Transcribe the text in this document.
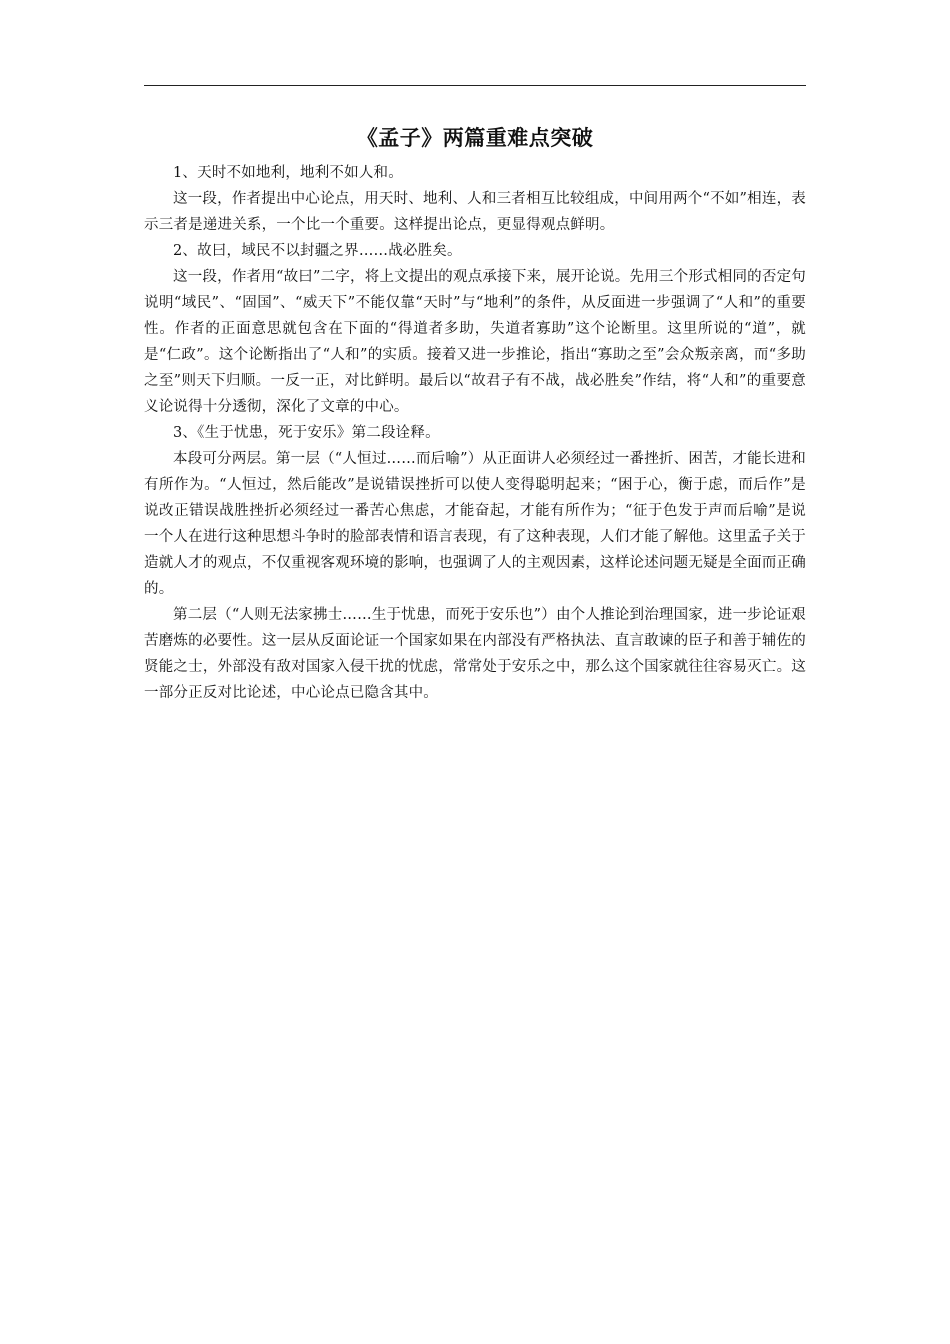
《孟子》两篇重难点突破

1、天时不如地利，地利不如人和。

这一段，作者提出中心论点，用天时、地利、人和三者相互比较组成，中间用两个“不如”相连，表示三者是递进关系，一个比一个重要。这样提出论点，更显得观点鲜明。

2、故曰，域民不以封疆之界……战必胜矣。

这一段，作者用“故曰”二字，将上文提出的观点承接下来，展开论说。先用三个形式相同的否定句说明“域民”、“固国”、“威天下”不能仅靠“天时”与“地利”的条件，从反面进一步强调了“人和”的重要性。作者的正面意思就包含在下面的“得道者多助，失道者寡助”这个论断里。这里所说的“道”，就是“仁政”。这个论断指出了“人和”的实质。接着又进一步推论，指出“寡助之至”会众叛亲离，而“多助之至”则天下归顺。一反一正，对比鲜明。最后以“故君子有不战，战必胜矣”作结，将“人和”的重要意义论说得十分透彻，深化了文章的中心。

3、《生于忧患，死于安乐》第二段诠释。

本段可分两层。第一层（“人恒过……而后喻”）从正面讲人必须经过一番挫折、困苦，才能长进和有所作为。“人恒过，然后能改”是说错误挫折可以使人变得聪明起来；“困于心，衡于虑，而后作”是说改正错误战胜挫折必须经过一番苦心焦虑，才能奋起，才能有所作为；“征于色发于声而后喻”是说一个人在进行这种思想斗争时的脸部表情和语言表现，有了这种表现，人们才能了解他。这里孟子关于造就人才的观点，不仅重视客观环境的影响，也强调了人的主观因素，这样论述问题无疑是全面而正确的。

第二层（“人则无法家拂士……生于忧患，而死于安乐也”）由个人推论到治理国家，进一步论证艰苦磨炼的必要性。这一层从反面论证一个国家如果在内部没有严格执法、直言敢谏的臣子和善于辅佐的贤能之士，外部没有敌对国家入侵干扰的忧虑，常常处于安乐之中，那么这个国家就往往容易灭亡。这一部分正反对比论述，中心论点已隐含其中。
